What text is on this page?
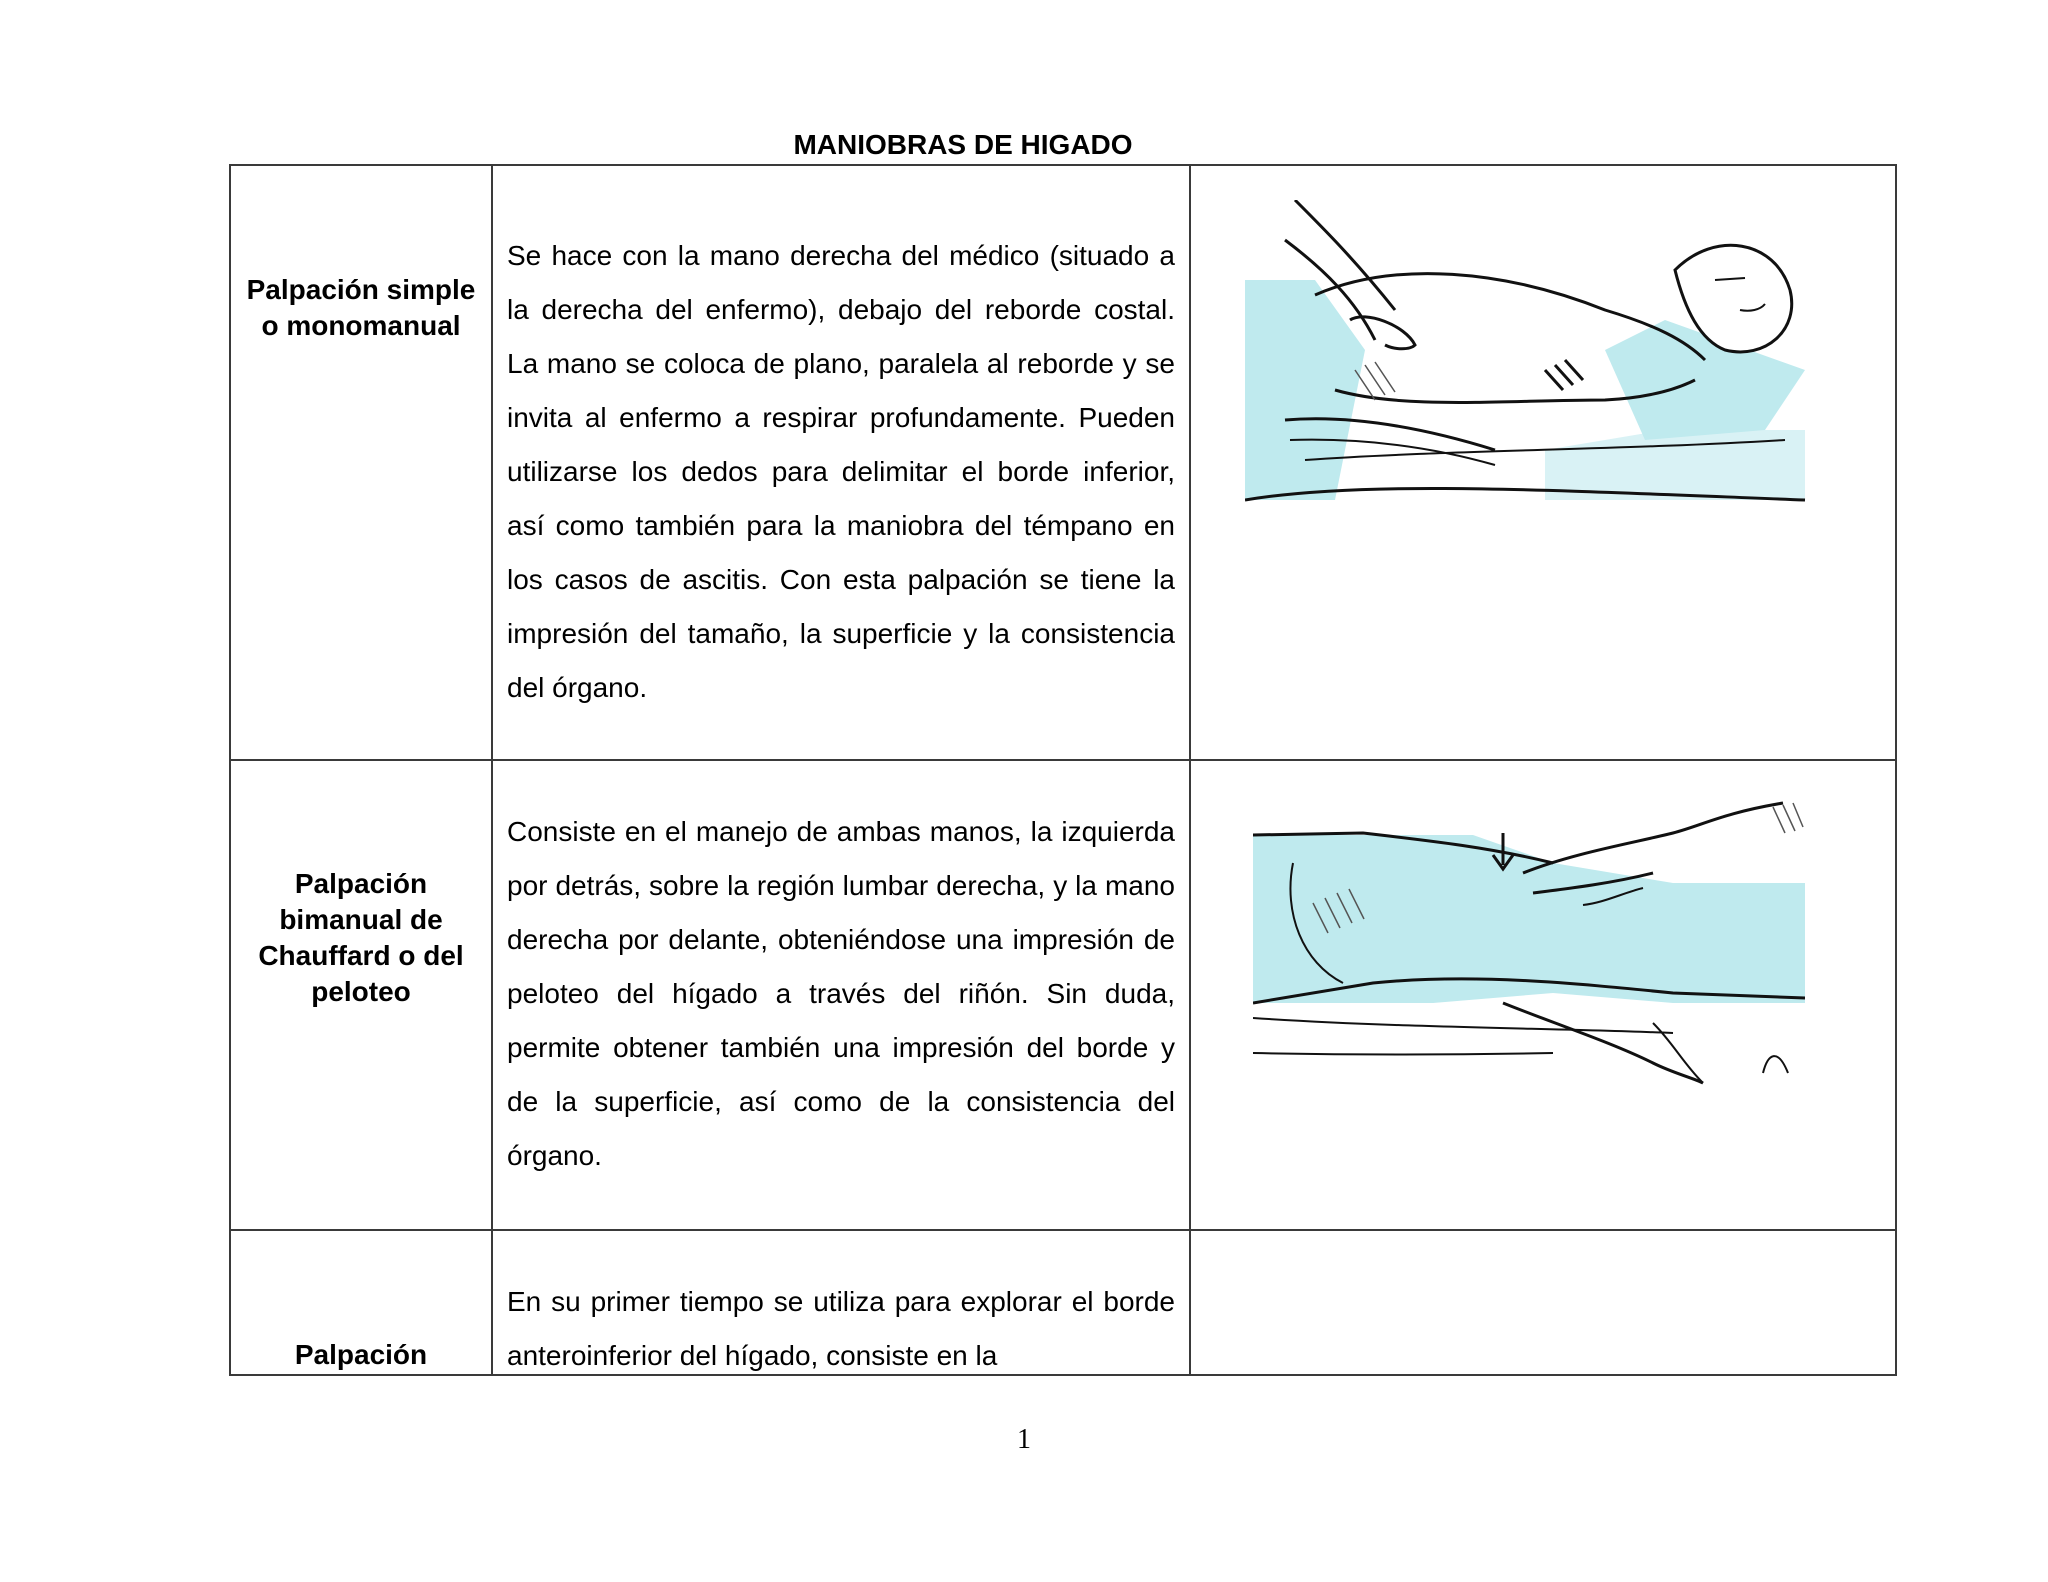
MANIOBRAS DE HIGADO
Palpación simple o monomanual	Se hace con la mano derecha del médico (situado a la derecha del enfermo), debajo del reborde costal. La mano se coloca de plano, paralela al reborde y se invita al enfermo a respirar profundamente. Pueden utilizarse los dedos para delimitar el borde inferior, así como también para la maniobra del témpano en los casos de ascitis. Con esta palpación se tiene la impresión del tamaño, la superficie y la consistencia del órgano.

Palpación bimanual de Chauffard o del peloteo	Consiste en el manejo de ambas manos, la izquierda por detrás, sobre la región lumbar derecha, y la mano derecha por delante, obteniéndose una impresión de peloteo del hígado a través del riñón. Sin duda, permite obtener también una impresión del borde y de la superficie, así como de la consistencia del órgano.

Palpación	En su primer tiempo se utiliza para explorar el borde anteroinferior del hígado, consiste en la	

1
